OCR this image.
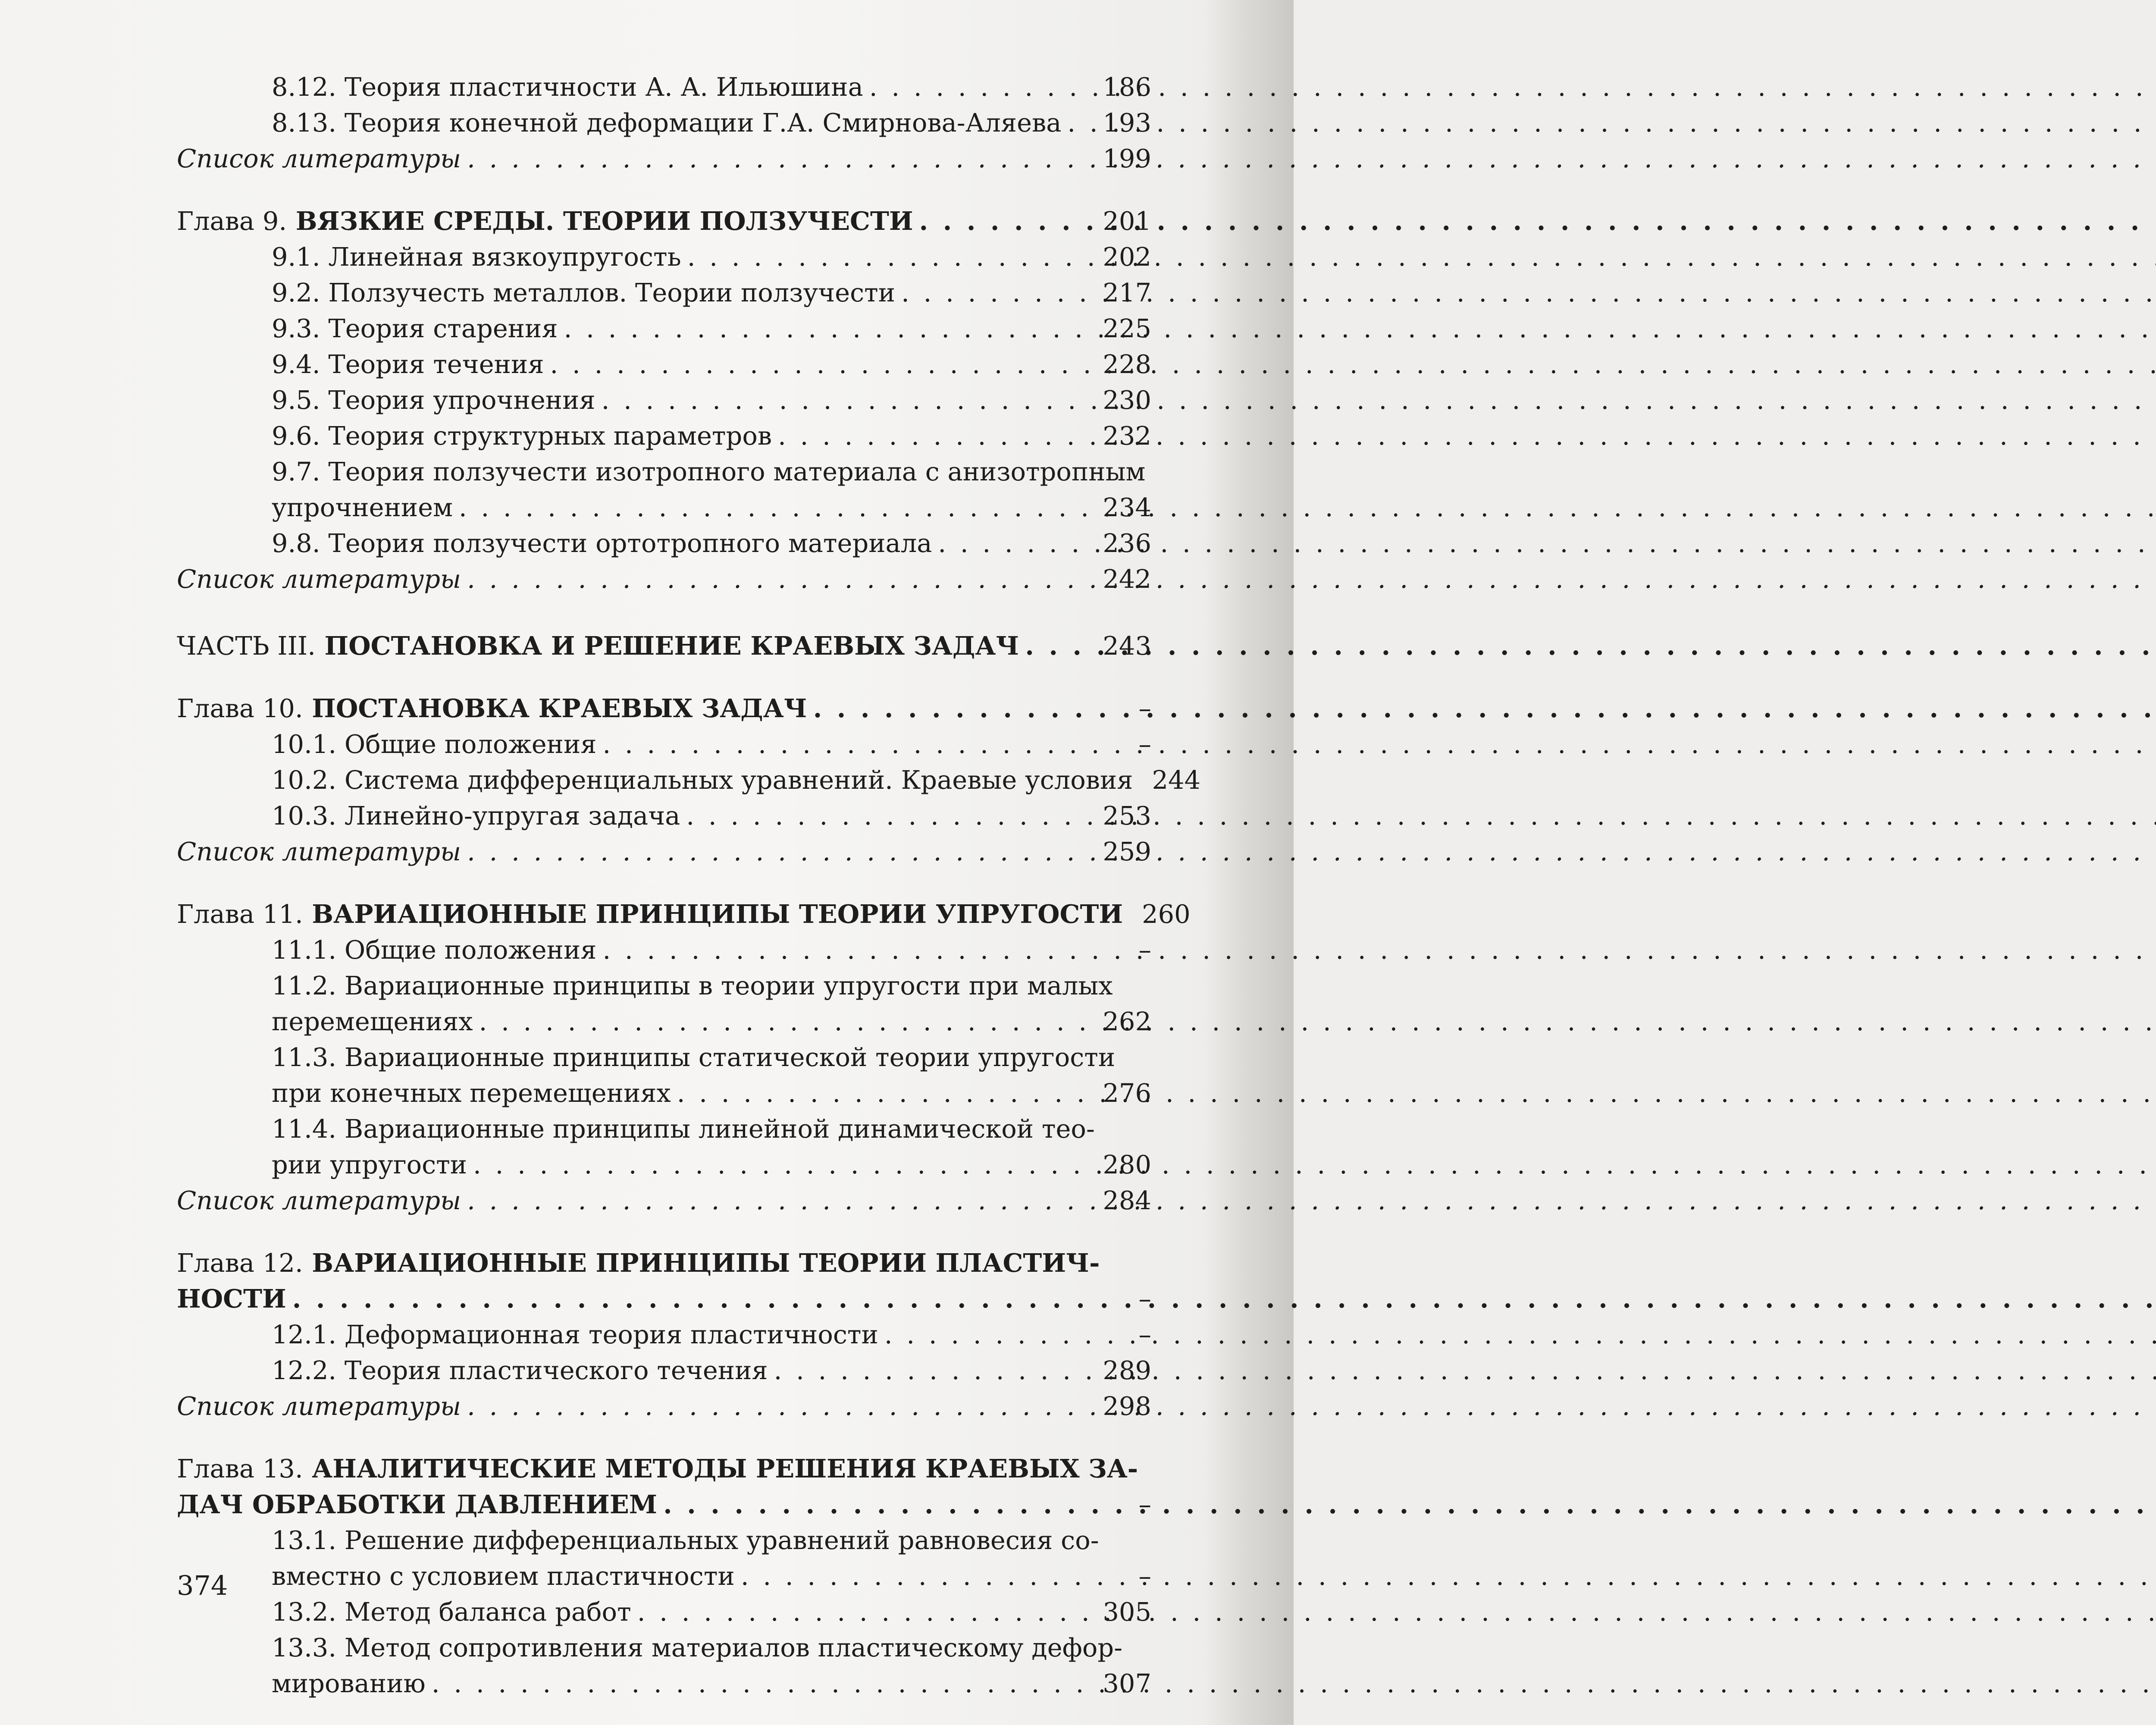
8.12. Теория пластичности А. А. Ильюшина . . .	186
8.13. Теория конечной деформации Г.А. Смирнова-Аляева . . .	193
Список литературы . . .	199
Глава 9. ВЯЗКИЕ СРЕДЫ. ТЕОРИИ ПОЛЗУЧЕСТИ . . .	201
9.1. Линейная вязкоупругость . . .	202
9.2. Ползучесть металлов. Теории ползучести . . .	217
9.3. Теория старения . . .	225
9.4. Теория течения . . .	228
9.5. Теория упрочнения . . .	230
9.6. Теория структурных параметров . . .	232
9.7. Теория ползучести изотропного материала с анизотропным
упрочнением . . .	234
9.8. Теория ползучести ортотропного материала . . .	236
Список литературы . . .	242
ЧАСТЬ III. ПОСТАНОВКА И РЕШЕНИЕ КРАЕВЫХ ЗАДАЧ . . .	243
Глава 10. ПОСТАНОВКА КРАЕВЫХ ЗАДАЧ . . .	–
10.1. Общие положения . . .	–
10.2. Система дифференциальных уравнений. Краевые условия 244
10.3. Линейно-упругая задача . . .	253
Список литературы . . .	259
Глава 11. ВАРИАЦИОННЫЕ ПРИНЦИПЫ ТЕОРИИ УПРУГОСТИ 260
11.1. Общие положения . . .	–
11.2. Вариационные принципы в теории упругости при малых
перемещениях . . .	262
11.3. Вариационные принципы статической теории упругости
при конечных перемещениях . . .	276
11.4. Вариационные принципы линейной динамической тео-
рии упругости . . .	280
Список литературы . . .	284
Глава 12. ВАРИАЦИОННЫЕ ПРИНЦИПЫ ТЕОРИИ ПЛАСТИЧ-
НОСТИ . . .	–
12.1. Деформационная теория пластичности . . .	–
12.2. Теория пластического течения . . .	289
Список литературы . . .	298
Глава 13. АНАЛИТИЧЕСКИЕ МЕТОДЫ РЕШЕНИЯ КРАЕВЫХ ЗА-
ДАЧ ОБРАБОТКИ ДАВЛЕНИЕМ . . .	–
13.1. Решение дифференциальных уравнений равновесия со-
вместно с условием пластичности . . .	–
13.2. Метод баланса работ . . .	305
13.3. Метод сопротивления материалов пластическому дефор-
мированию . . .	307
374
